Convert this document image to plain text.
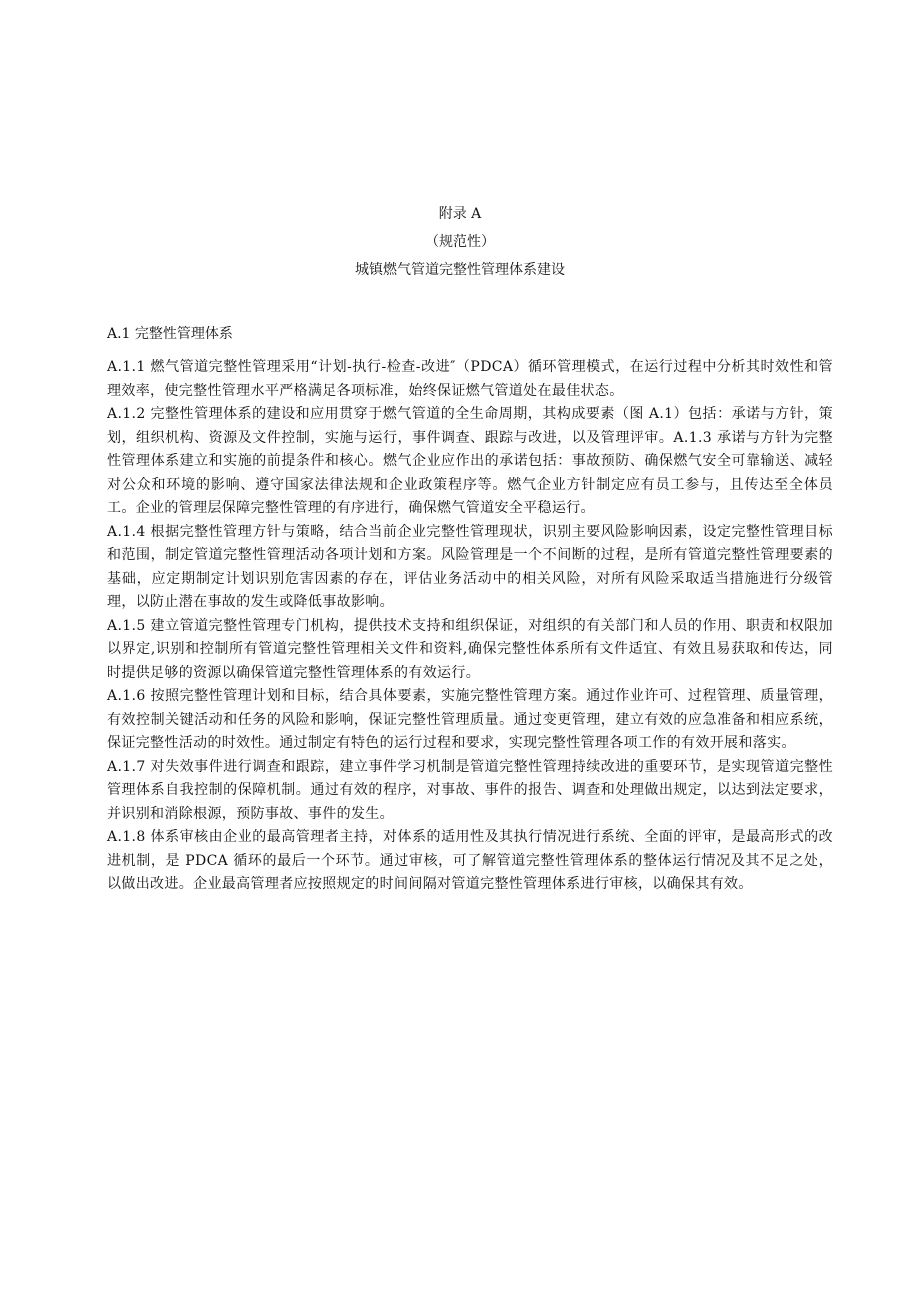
附录 A
（规范性）
城镇燃气管道完整性管理体系建设
A.1 完整性管理体系

A.1.1 燃气管道完整性管理采用“计划-执行-检查-改进″（PDCA）循环管理模式，在运行过程中分析其时效性和管理效率，使完整性管理水平严格满足各项标准，始终保证燃气管道处在最佳状态。

A.1.2 完整性管理体系的建设和应用贯穿于燃气管道的全生命周期，其构成要素（图 A.1）包括：承诺与方针，策划，组织机构、资源及文件控制，实施与运行，事件调查、跟踪与改进，以及管理评审。A.1.3 承诺与方针为完整性管理体系建立和实施的前提条件和核心。燃气企业应作出的承诺包括：事故预防、确保燃气安全可靠输送、减轻对公众和环境的影响、遵守国家法律法规和企业政策程序等。燃气企业方针制定应有员工参与，且传达至全体员工。企业的管理层保障完整性管理的有序进行，确保燃气管道安全平稳运行。

A.1.4 根据完整性管理方针与策略，结合当前企业完整性管理现状，识别主要风险影响因素，设定完整性管理目标和范围，制定管道完整性管理活动各项计划和方案。风险管理是一个不间断的过程，是所有管道完整性管理要素的基础，应定期制定计划识别危害因素的存在，评估业务活动中的相关风险，对所有风险采取适当措施进行分级管理，以防止潜在事故的发生或降低事故影响。

A.1.5 建立管道完整性管理专门机构，提供技术支持和组织保证，对组织的有关部门和人员的作用、职责和权限加以界定,识别和控制所有管道完整性管理相关文件和资料,确保完整性体系所有文件适宜、有效且易获取和传达，同时提供足够的资源以确保管道完整性管理体系的有效运行。

A.1.6 按照完整性管理计划和目标，结合具体要素，实施完整性管理方案。通过作业许可、过程管理、质量管理，有效控制关键活动和任务的风险和影响，保证完整性管理质量。通过变更管理，建立有效的应急准备和相应系统，保证完整性活动的时效性。通过制定有特色的运行过程和要求，实现完整性管理各项工作的有效开展和落实。

A.1.7 对失效事件进行调查和跟踪，建立事件学习机制是管道完整性管理持续改进的重要环节，是实现管道完整性管理体系自我控制的保障机制。通过有效的程序，对事故、事件的报告、调查和处理做出规定，以达到法定要求，并识别和消除根源，预防事故、事件的发生。

A.1.8 体系审核由企业的最高管理者主持，对体系的适用性及其执行情况进行系统、全面的评审，是最高形式的改进机制，是 PDCA 循环的最后一个环节。通过审核，可了解管道完整性管理体系的整体运行情况及其不足之处，以做出改进。企业最高管理者应按照规定的时间间隔对管道完整性管理体系进行审核，以确保其有效。
